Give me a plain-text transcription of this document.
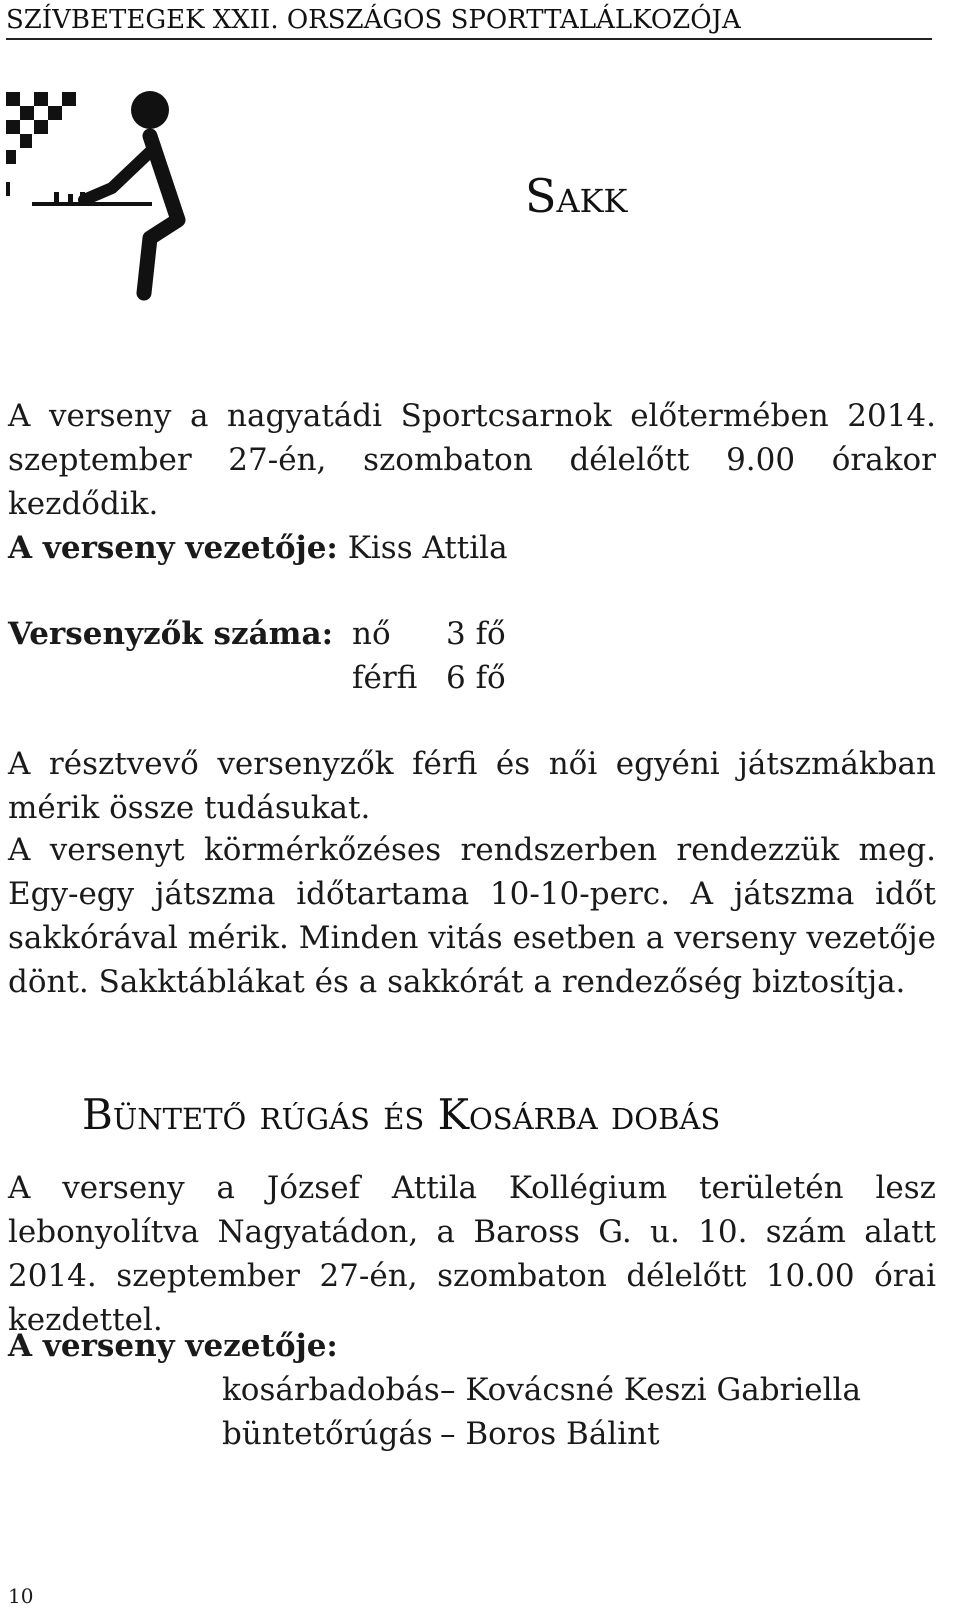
SZÍVBETEGEK XXII. ORSZÁGOS SPORTTALÁLKOZÓJA
Sakk

A verseny a nagyatádi Sportcsarnok előtermében 2014. szeptember 27-én, szombaton délelőtt 9.00 órakor kezdődik.

A verseny vezetője: Kiss Attila
Versenyzők száma: nő 3 fő
férfi 6 fő

A résztvevő versenyzők férfi és női egyéni játszmákban mérik össze tudásukat.

A versenyt körmérkőzéses rendszerben rendezzük meg. Egy-egy játszma időtartama 10-10-perc. A játszma időt sakkórával mérik. Minden vitás esetben a verseny vezetője dönt. Sakktáblákat és a sakkórát a rendezőség biztosítja.

Büntető rúgás és Kosárba dobás

A verseny a József Attila Kollégium területén lesz lebonyolítva Nagyatádon, a Baross G. u. 10. szám alatt 2014. szeptember 27-én, szombaton délelőtt 10.00 órai kezdettel.

A verseny vezetője:
kosárbadobás – Kovácsné Keszi Gabriella
büntetőrúgás – Boros Bálint
10
